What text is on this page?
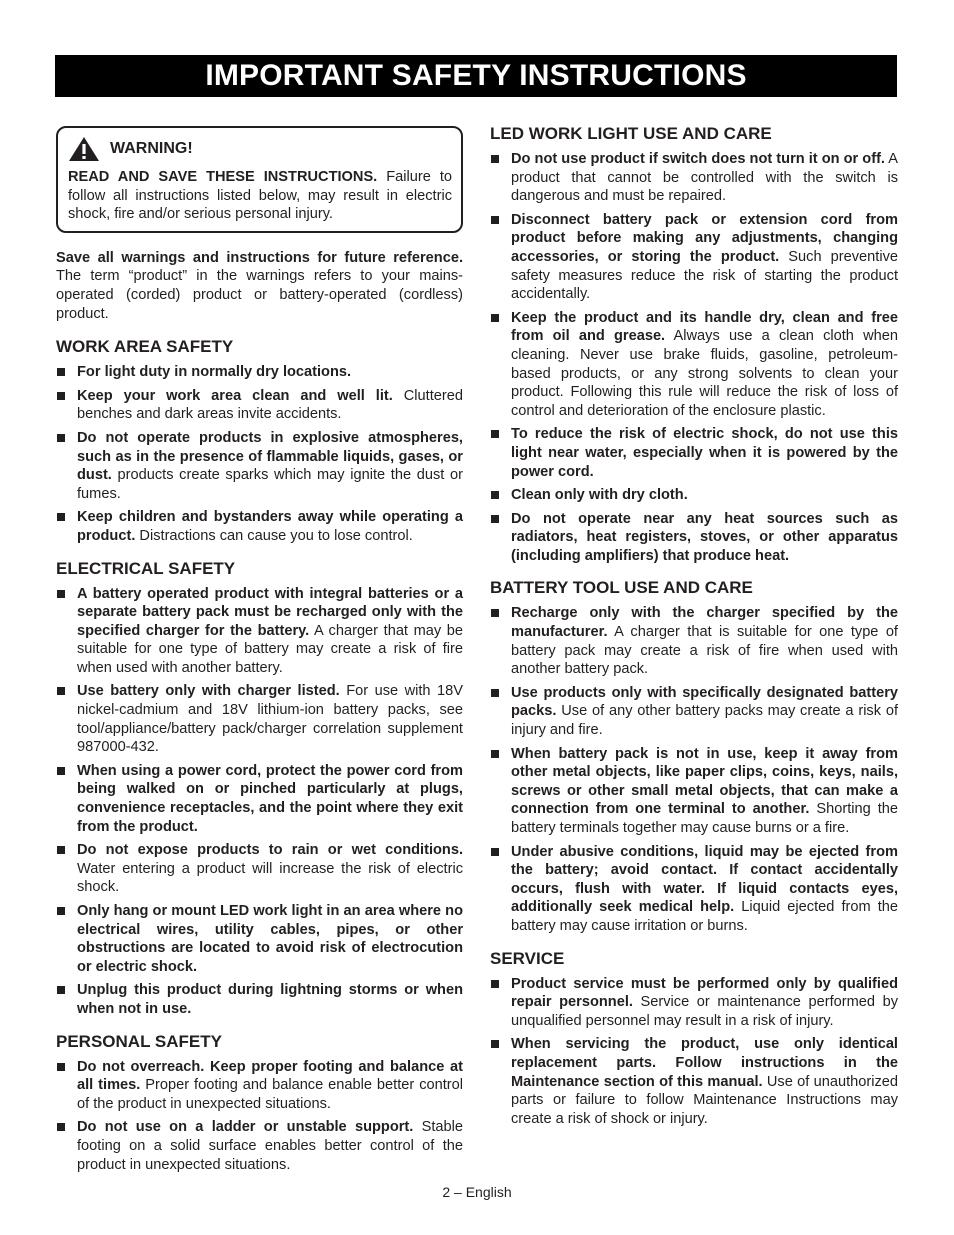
IMPORTANT SAFETY INSTRUCTIONS
WARNING!

READ AND SAVE THESE INSTRUCTIONS. Failure to follow all instructions listed below, may result in electric shock, fire and/or serious personal injury.

Save all warnings and instructions for future reference. The term “product” in the warnings refers to your mains-operated (corded) product or battery-operated (cordless) product.

WORK AREA SAFETY
For light duty in normally dry locations.
Keep your work area clean and well lit. Cluttered benches and dark areas invite accidents.
Do not operate products in explosive atmospheres, such as in the presence of flammable liquids, gases, or dust. products create sparks which may ignite the dust or fumes.
Keep children and bystanders away while operating a product. Distractions can cause you to lose control.
ELECTRICAL SAFETY
A battery operated product with integral batteries or a separate battery pack must be recharged only with the specified charger for the battery. A charger that may be suitable for one type of battery may create a risk of fire when used with another battery.
Use battery only with charger listed. For use with 18V nickel-cadmium and 18V lithium-ion battery packs, see tool/appliance/battery pack/charger correlation supplement 987000-432.
When using a power cord, protect the power cord from being walked on or pinched particularly at plugs, convenience receptacles, and the point where they exit from the product.
Do not expose products to rain or wet conditions. Water entering a product will increase the risk of electric shock.
Only hang or mount LED work light in an area where no electrical wires, utility cables, pipes, or other obstructions are located to avoid risk of electrocution or electric shock.
Unplug this product during lightning storms or when when not in use.
PERSONAL SAFETY
Do not overreach. Keep proper footing and balance at all times. Proper footing and balance enable better control of the product in unexpected situations.
Do not use on a ladder or unstable support. Stable footing on a solid surface enables better control of the product in unexpected situations.
LED WORK LIGHT USE AND CARE
Do not use product if switch does not turn it on or off. A product that cannot be controlled with the switch is dangerous and must be repaired.
Disconnect battery pack or extension cord from product before making any adjustments, changing accessories, or storing the product. Such preventive safety measures reduce the risk of starting the product accidentally.
Keep the product and its handle dry, clean and free from oil and grease. Always use a clean cloth when cleaning. Never use brake fluids, gasoline, petroleum-based products, or any strong solvents to clean your product. Following this rule will reduce the risk of loss of control and deterioration of the enclosure plastic.
To reduce the risk of electric shock, do not use this light near water, especially when it is powered by the power cord.
Clean only with dry cloth.
Do not operate near any heat sources such as radiators, heat registers, stoves, or other apparatus (including amplifiers) that produce heat.
BATTERY TOOL USE AND CARE
Recharge only with the charger specified by the manufacturer. A charger that is suitable for one type of battery pack may create a risk of fire when used with another battery pack.
Use products only with specifically designated battery packs. Use of any other battery packs may create a risk of injury and fire.
When battery pack is not in use, keep it away from other metal objects, like paper clips, coins, keys, nails, screws or other small metal objects, that can make a connection from one terminal to another. Shorting the battery terminals together may cause burns or a fire.
Under abusive conditions, liquid may be ejected from the battery; avoid contact. If contact accidentally occurs, flush with water. If liquid contacts eyes, additionally seek medical help. Liquid ejected from the battery may cause irritation or burns.
SERVICE
Product service must be performed only by qualified repair personnel. Service or maintenance performed by unqualified personnel may result in a risk of injury.
When servicing the product, use only identical replacement parts. Follow instructions in the Maintenance section of this manual. Use of unauthorized parts or failure to follow Maintenance Instructions may create a risk of shock or injury.
2 – English
